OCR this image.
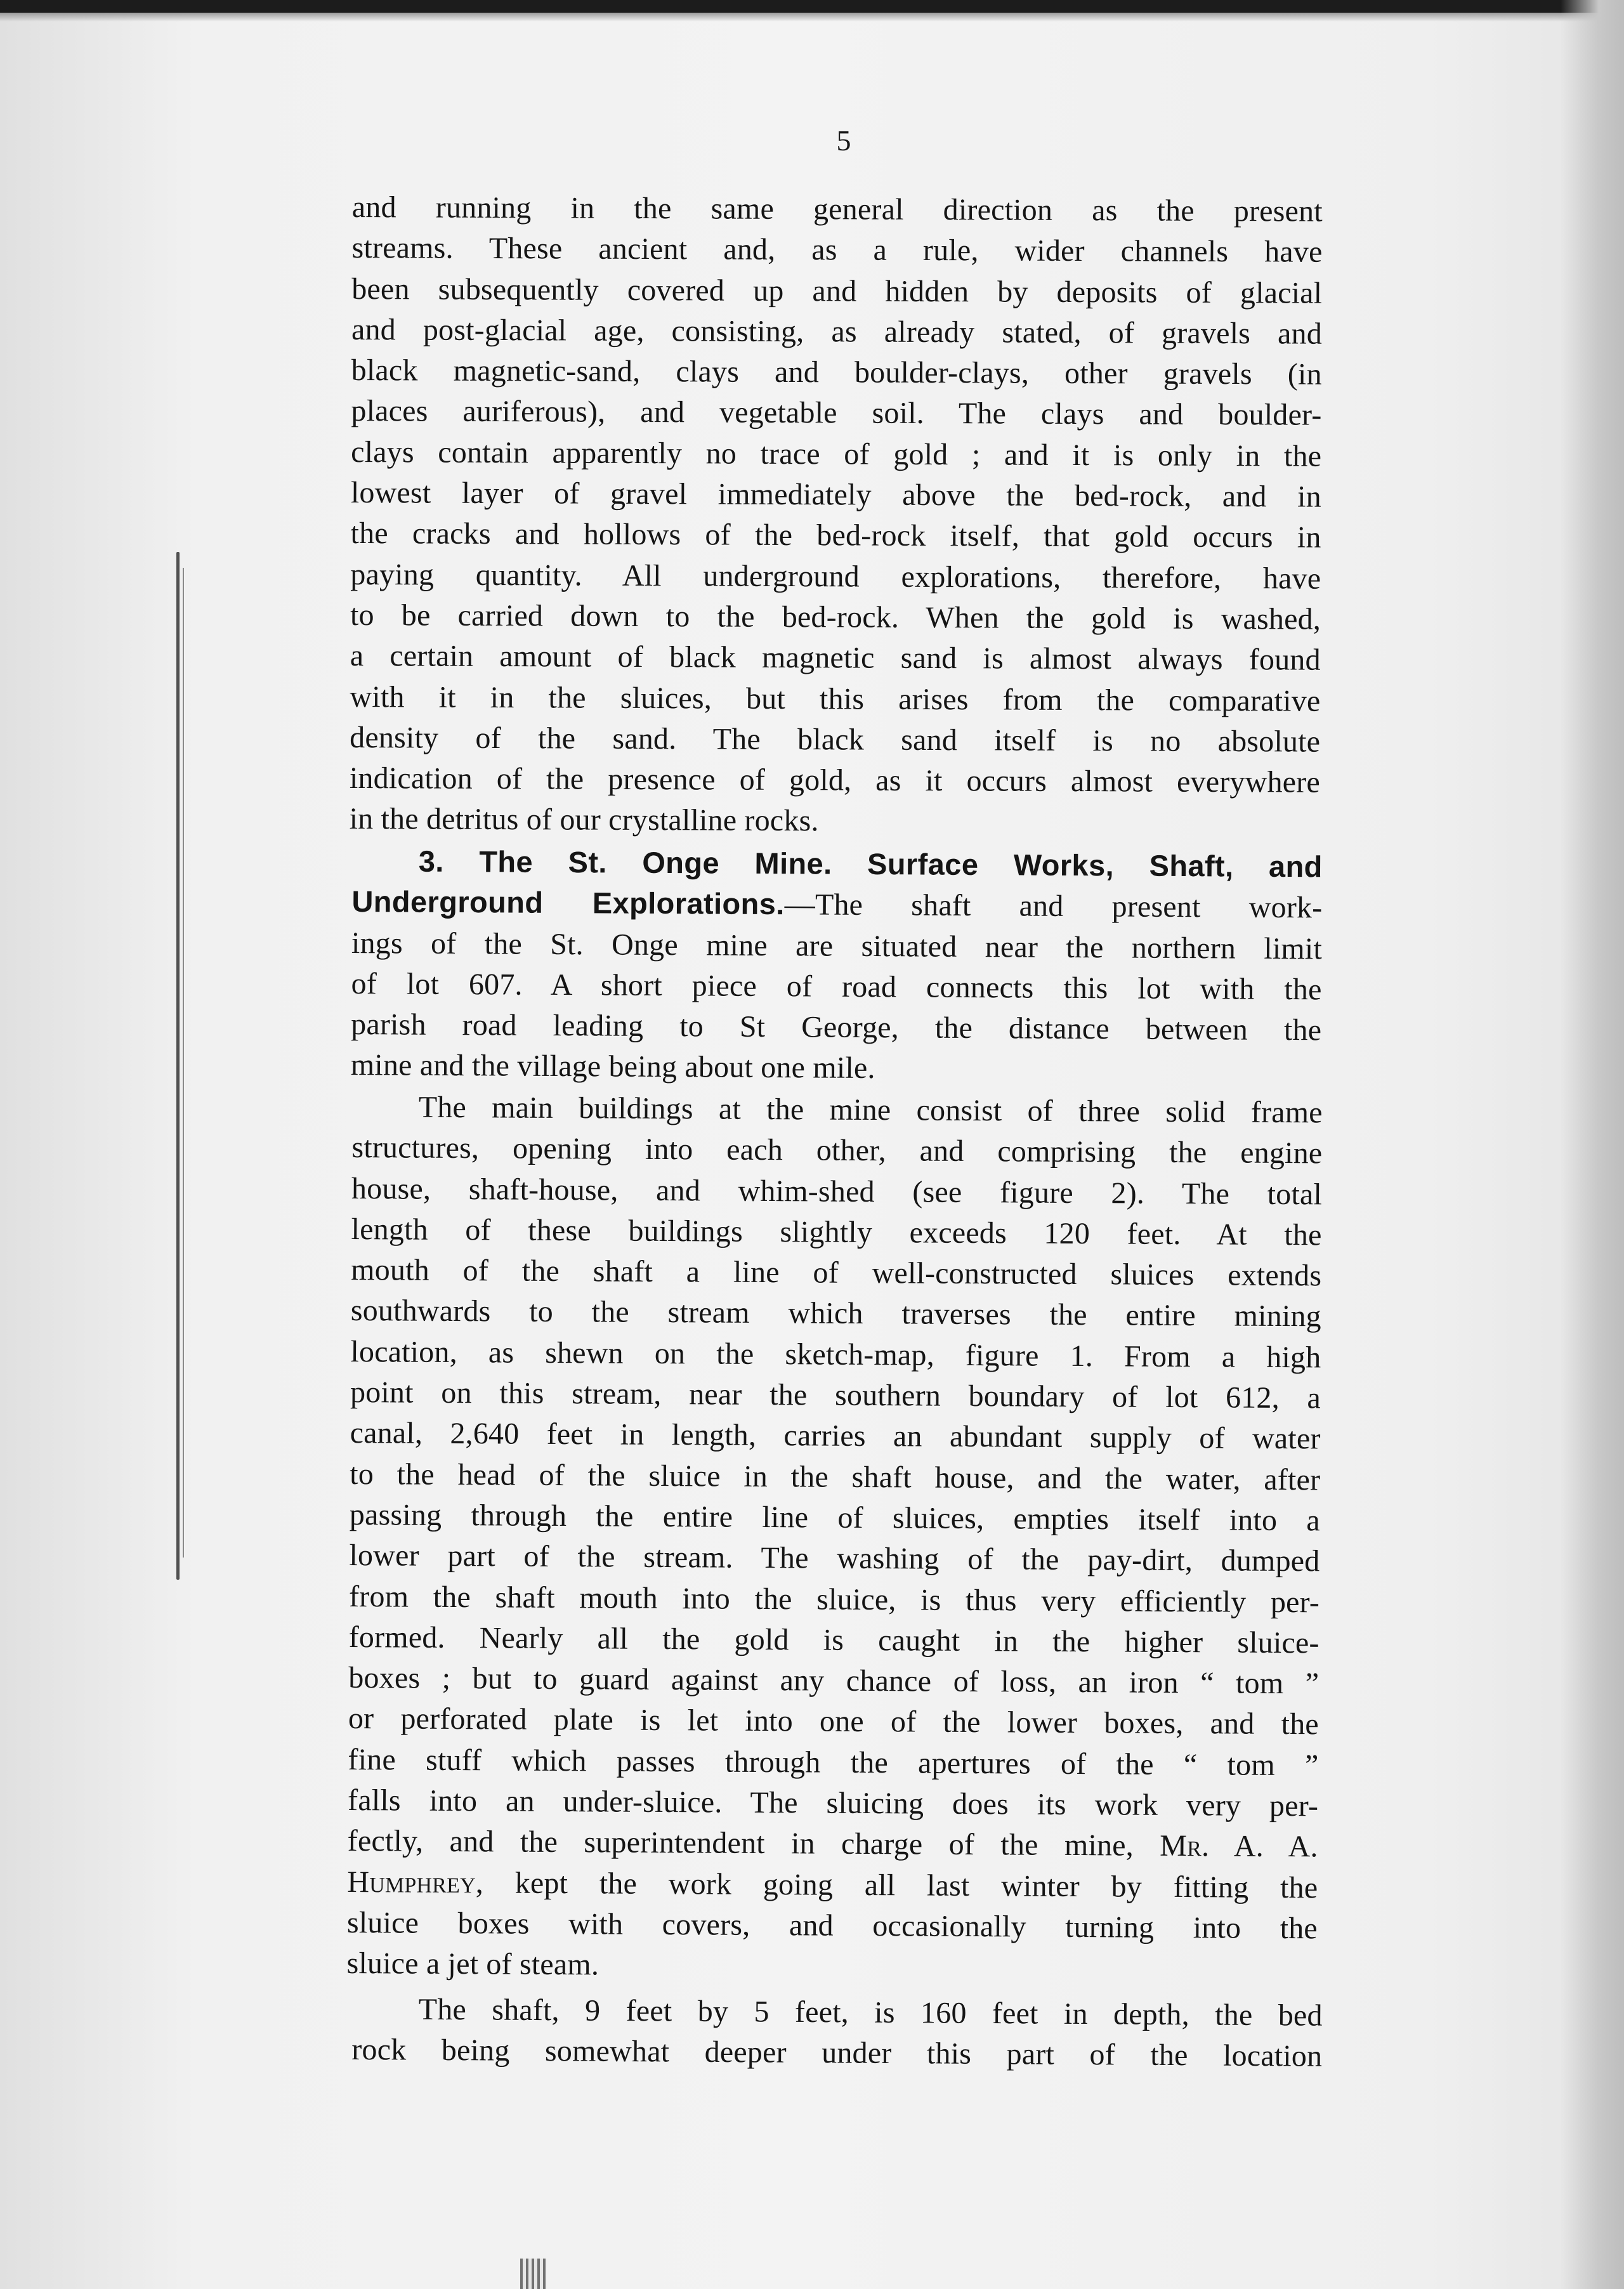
5
and running in the same general direction as the present
streams. These ancient and, as a rule, wider channels have
been subsequently covered up and hidden by deposits of glacial
and post-glacial age, consisting, as already stated, of gravels and
black magnetic-sand, clays and boulder-clays, other gravels (in
places auriferous), and vegetable soil. The clays and boulder-
clays contain apparently no trace of gold ; and it is only in the
lowest layer of gravel immediately above the bed-rock, and in
the cracks and hollows of the bed-rock itself, that gold occurs in
paying quantity. All underground explorations, therefore, have
to be carried down to the bed-rock. When the gold is washed,
a certain amount of black magnetic sand is almost always found
with it in the sluices, but this arises from the comparative
density of the sand. The black sand itself is no absolute
indication of the presence of gold, as it occurs almost everywhere
in the detritus of our crystalline rocks.
3. The St. Onge Mine. Surface Works, Shaft, and
Underground Explorations.—The shaft and present work-
ings of the St. Onge mine are situated near the northern limit
of lot 607. A short piece of road connects this lot with the
parish road leading to St George, the distance between the
mine and the village being about one mile.
The main buildings at the mine consist of three solid frame
structures, opening into each other, and comprising the engine
house, shaft-house, and whim-shed (see figure 2). The total
length of these buildings slightly exceeds 120 feet. At the
mouth of the shaft a line of well-constructed sluices extends
southwards to the stream which traverses the entire mining
location, as shewn on the sketch-map, figure 1. From a high
point on this stream, near the southern boundary of lot 612, a
canal, 2,640 feet in length, carries an abundant supply of water
to the head of the sluice in the shaft house, and the water, after
passing through the entire line of sluices, empties itself into a
lower part of the stream. The washing of the pay-dirt, dumped
from the shaft mouth into the sluice, is thus very efficiently per-
formed. Nearly all the gold is caught in the higher sluice-
boxes ; but to guard against any chance of loss, an iron “ tom ”
or perforated plate is let into one of the lower boxes, and the
fine stuff which passes through the apertures of the “ tom ”
falls into an under-sluice. The sluicing does its work very per-
fectly, and the superintendent in charge of the mine, Mr. A. A.
Humphrey, kept the work going all last winter by fitting the
sluice boxes with covers, and occasionally turning into the
sluice a jet of steam.
The shaft, 9 feet by 5 feet, is 160 feet in depth, the bed
rock being somewhat deeper under this part of the location
